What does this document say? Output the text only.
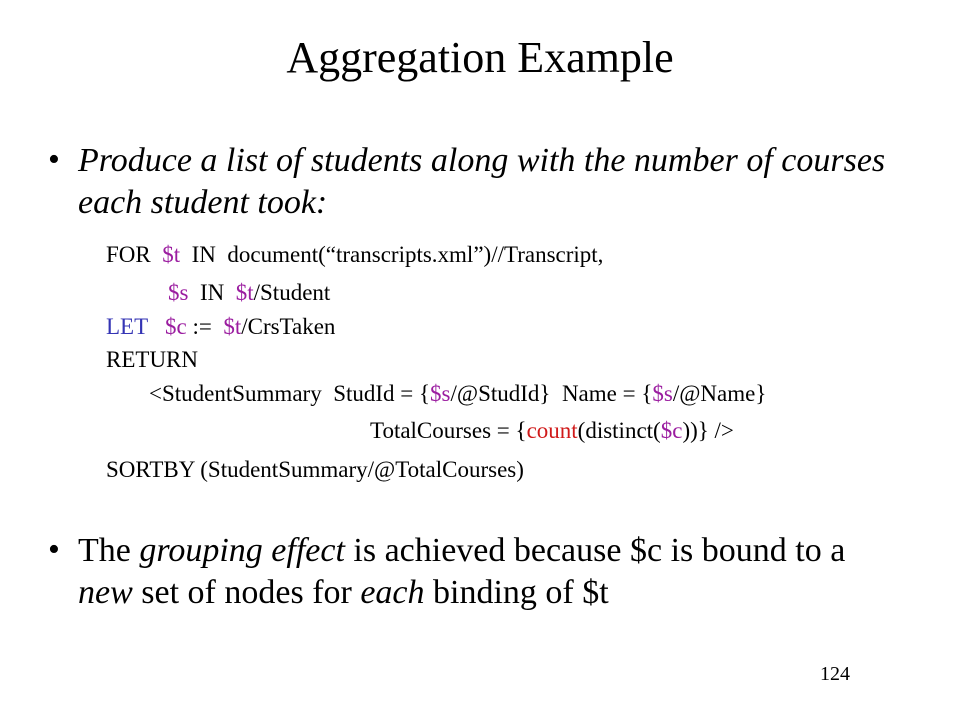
Aggregation Example
• Produce a list of students along with the number of courses each student took:
FOR $t IN document(“transcripts.xml”)//Transcript,
$s IN $t/Student
LET $c := $t/CrsTaken
RETURN
<StudentSummary  StudId = {$s/@StudId}  Name = {$s/@Name}
TotalCourses = {count(distinct($c))} />
SORTBY (StudentSummary/@TotalCourses)
• The grouping effect is achieved because $c is bound to a new set of nodes for each binding of $t
124
